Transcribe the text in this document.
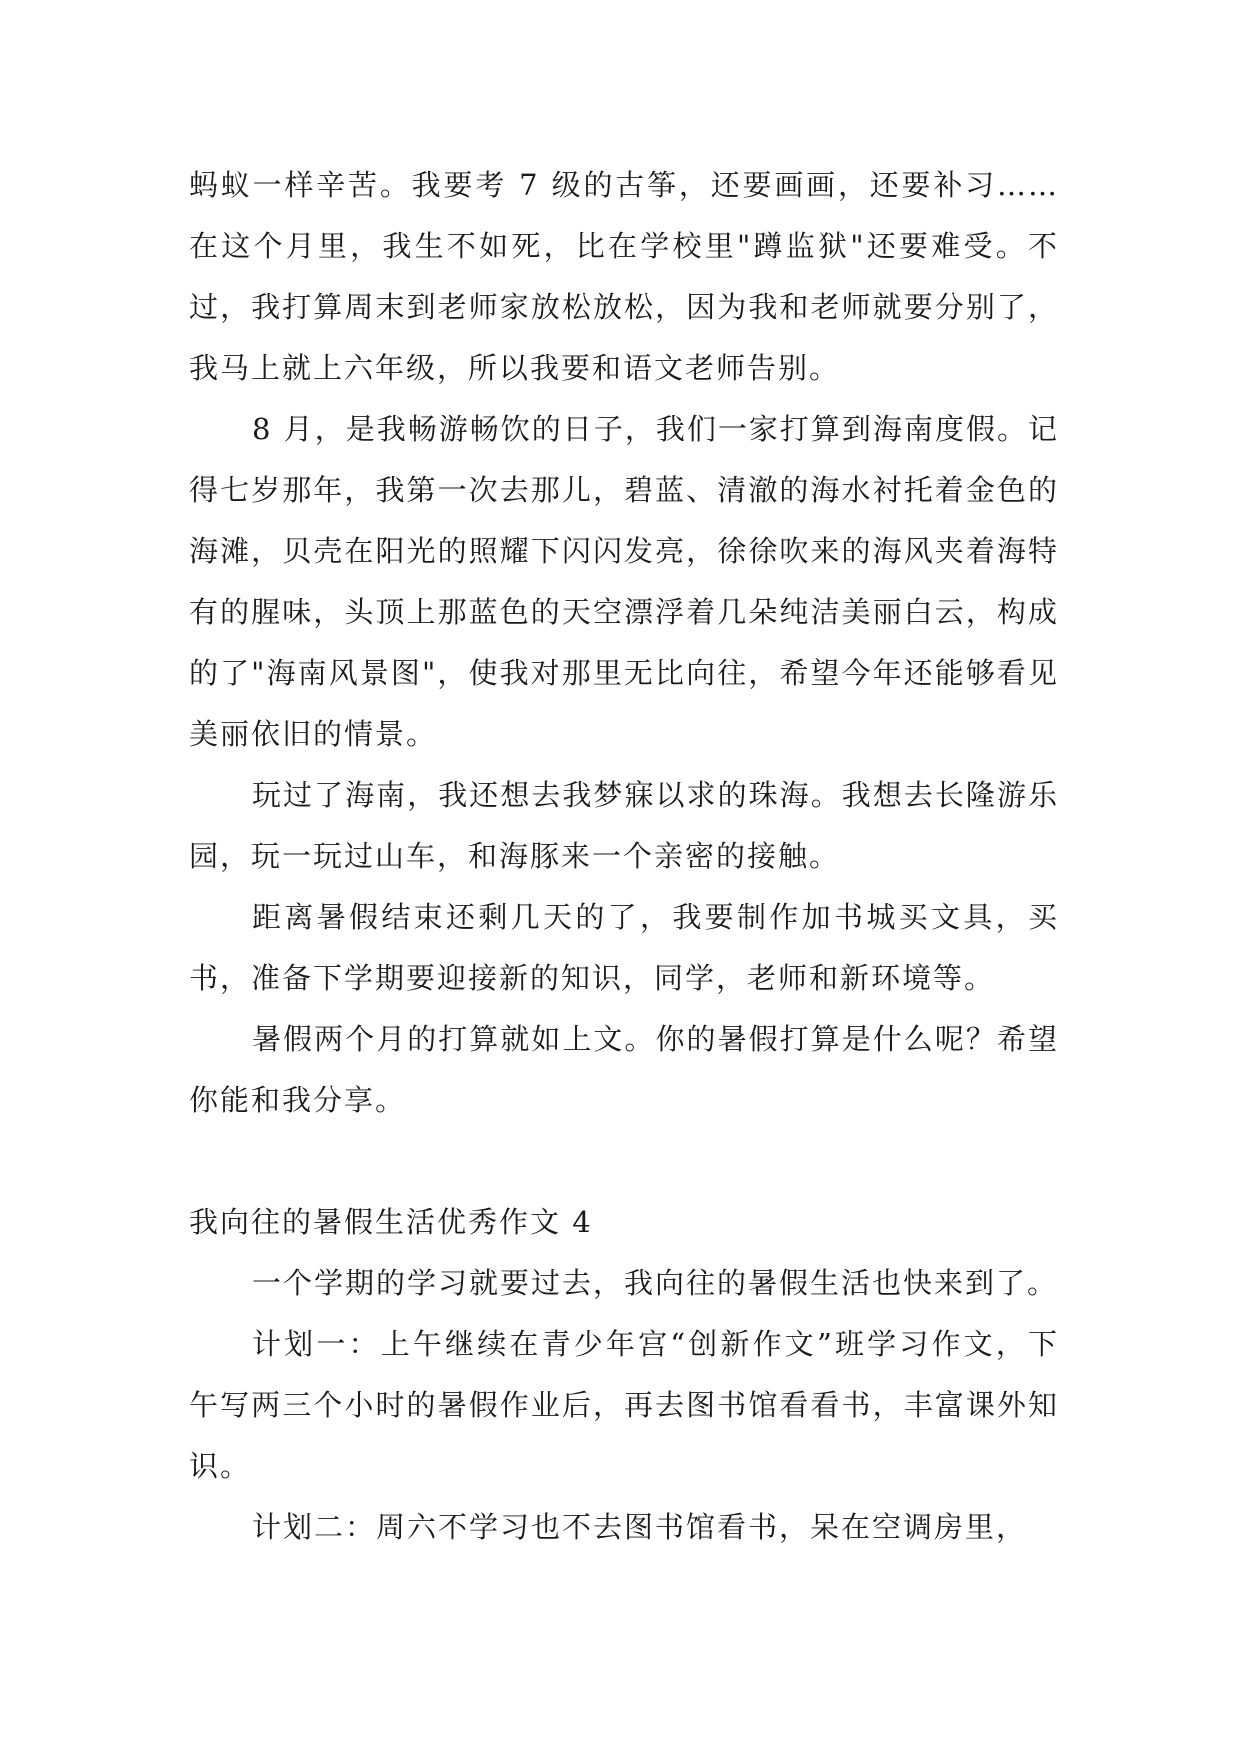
蚂蚁一样辛苦。我要考 7 级的古筝，还要画画，还要补习……在这个月里，我生不如死，比在学校里"蹲监狱"还要难受。不过，我打算周末到老师家放松放松，因为我和老师就要分别了，我马上就上六年级，所以我要和语文老师告别。

8 月，是我畅游畅饮的日子，我们一家打算到海南度假。记得七岁那年，我第一次去那儿，碧蓝、清澈的海水衬托着金色的海滩，贝壳在阳光的照耀下闪闪发亮，徐徐吹来的海风夹着海特有的腥味，头顶上那蓝色的天空漂浮着几朵纯洁美丽白云，构成的了"海南风景图"，使我对那里无比向往，希望今年还能够看见美丽依旧的情景。

玩过了海南，我还想去我梦寐以求的珠海。我想去长隆游乐园，玩一玩过山车，和海豚来一个亲密的接触。

距离暑假结束还剩几天的了，我要制作加书城买文具，买书，准备下学期要迎接新的知识，同学，老师和新环境等。

暑假两个月的打算就如上文。你的暑假打算是什么呢？希望你能和我分享。

我向往的暑假生活优秀作文 4

一个学期的学习就要过去，我向往的暑假生活也快来到了。

计划一：上午继续在青少年宫“创新作文”班学习作文，下午写两三个小时的暑假作业后，再去图书馆看看书，丰富课外知识。

计划二：周六不学习也不去图书馆看书，呆在空调房里，
